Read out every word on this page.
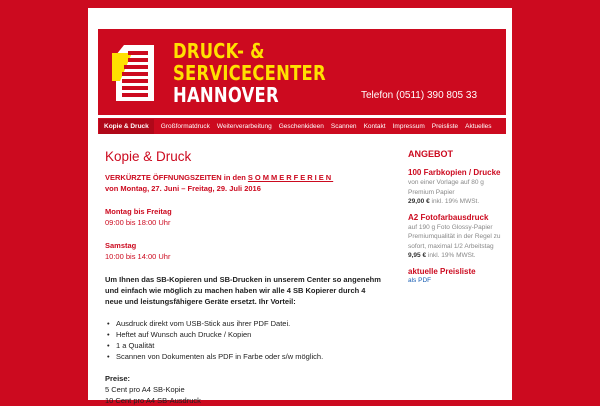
DRUCK- &
SERVICECENTER
HANNOVER	Telefon (0511) 390 805 33
Kopie & Druck	Großformatdruck Weiterverarbeitung Geschenkideen Scannen Kontakt Impressum Preisliste Aktuelles
Kopie & Druck
VERKÜRZTE ÖFFNUNGSZEITEN in den SOMMERFERIEN
von Montag, 27. Juni – Freitag, 29. Juli 2016
Montag bis Freitag
09:00 bis 18:00 Uhr
Samstag
10:00 bis 14:00 Uhr
Um Ihnen das SB-Kopieren und SB-Drucken in unserem Center so angenehm und einfach wie möglich zu machen haben wir alle 4 SB Kopierer durch 4 neue und leistungsfähigere Geräte ersetzt. Ihr Vorteil:
• Ausdruck direkt vom USB-Stick aus ihrer PDF Datei.
• Heftet auf Wunsch auch Drucke / Kopien
• 1 a Qualität
• Scannen von Dokumenten als PDF in Farbe oder s/w möglich.
Preise:
5 Cent pro A4 SB-Kopie
10 Cent pro A4 SB-Ausdruck
ANGEBOT
100 Farbkopien / Drucke
von einer Vorlage auf 80 g Premium Papier
29,00 € inkl. 19% MWSt.
A2 Fotofarbausdruck
auf 190 g Foto Glossy-Papier Premiumqualität in der Regel zu sofort, maximal 1/2 Arbeitstag
9,95 € inkl. 19% MWSt.
aktuelle Preisliste
als PDF
